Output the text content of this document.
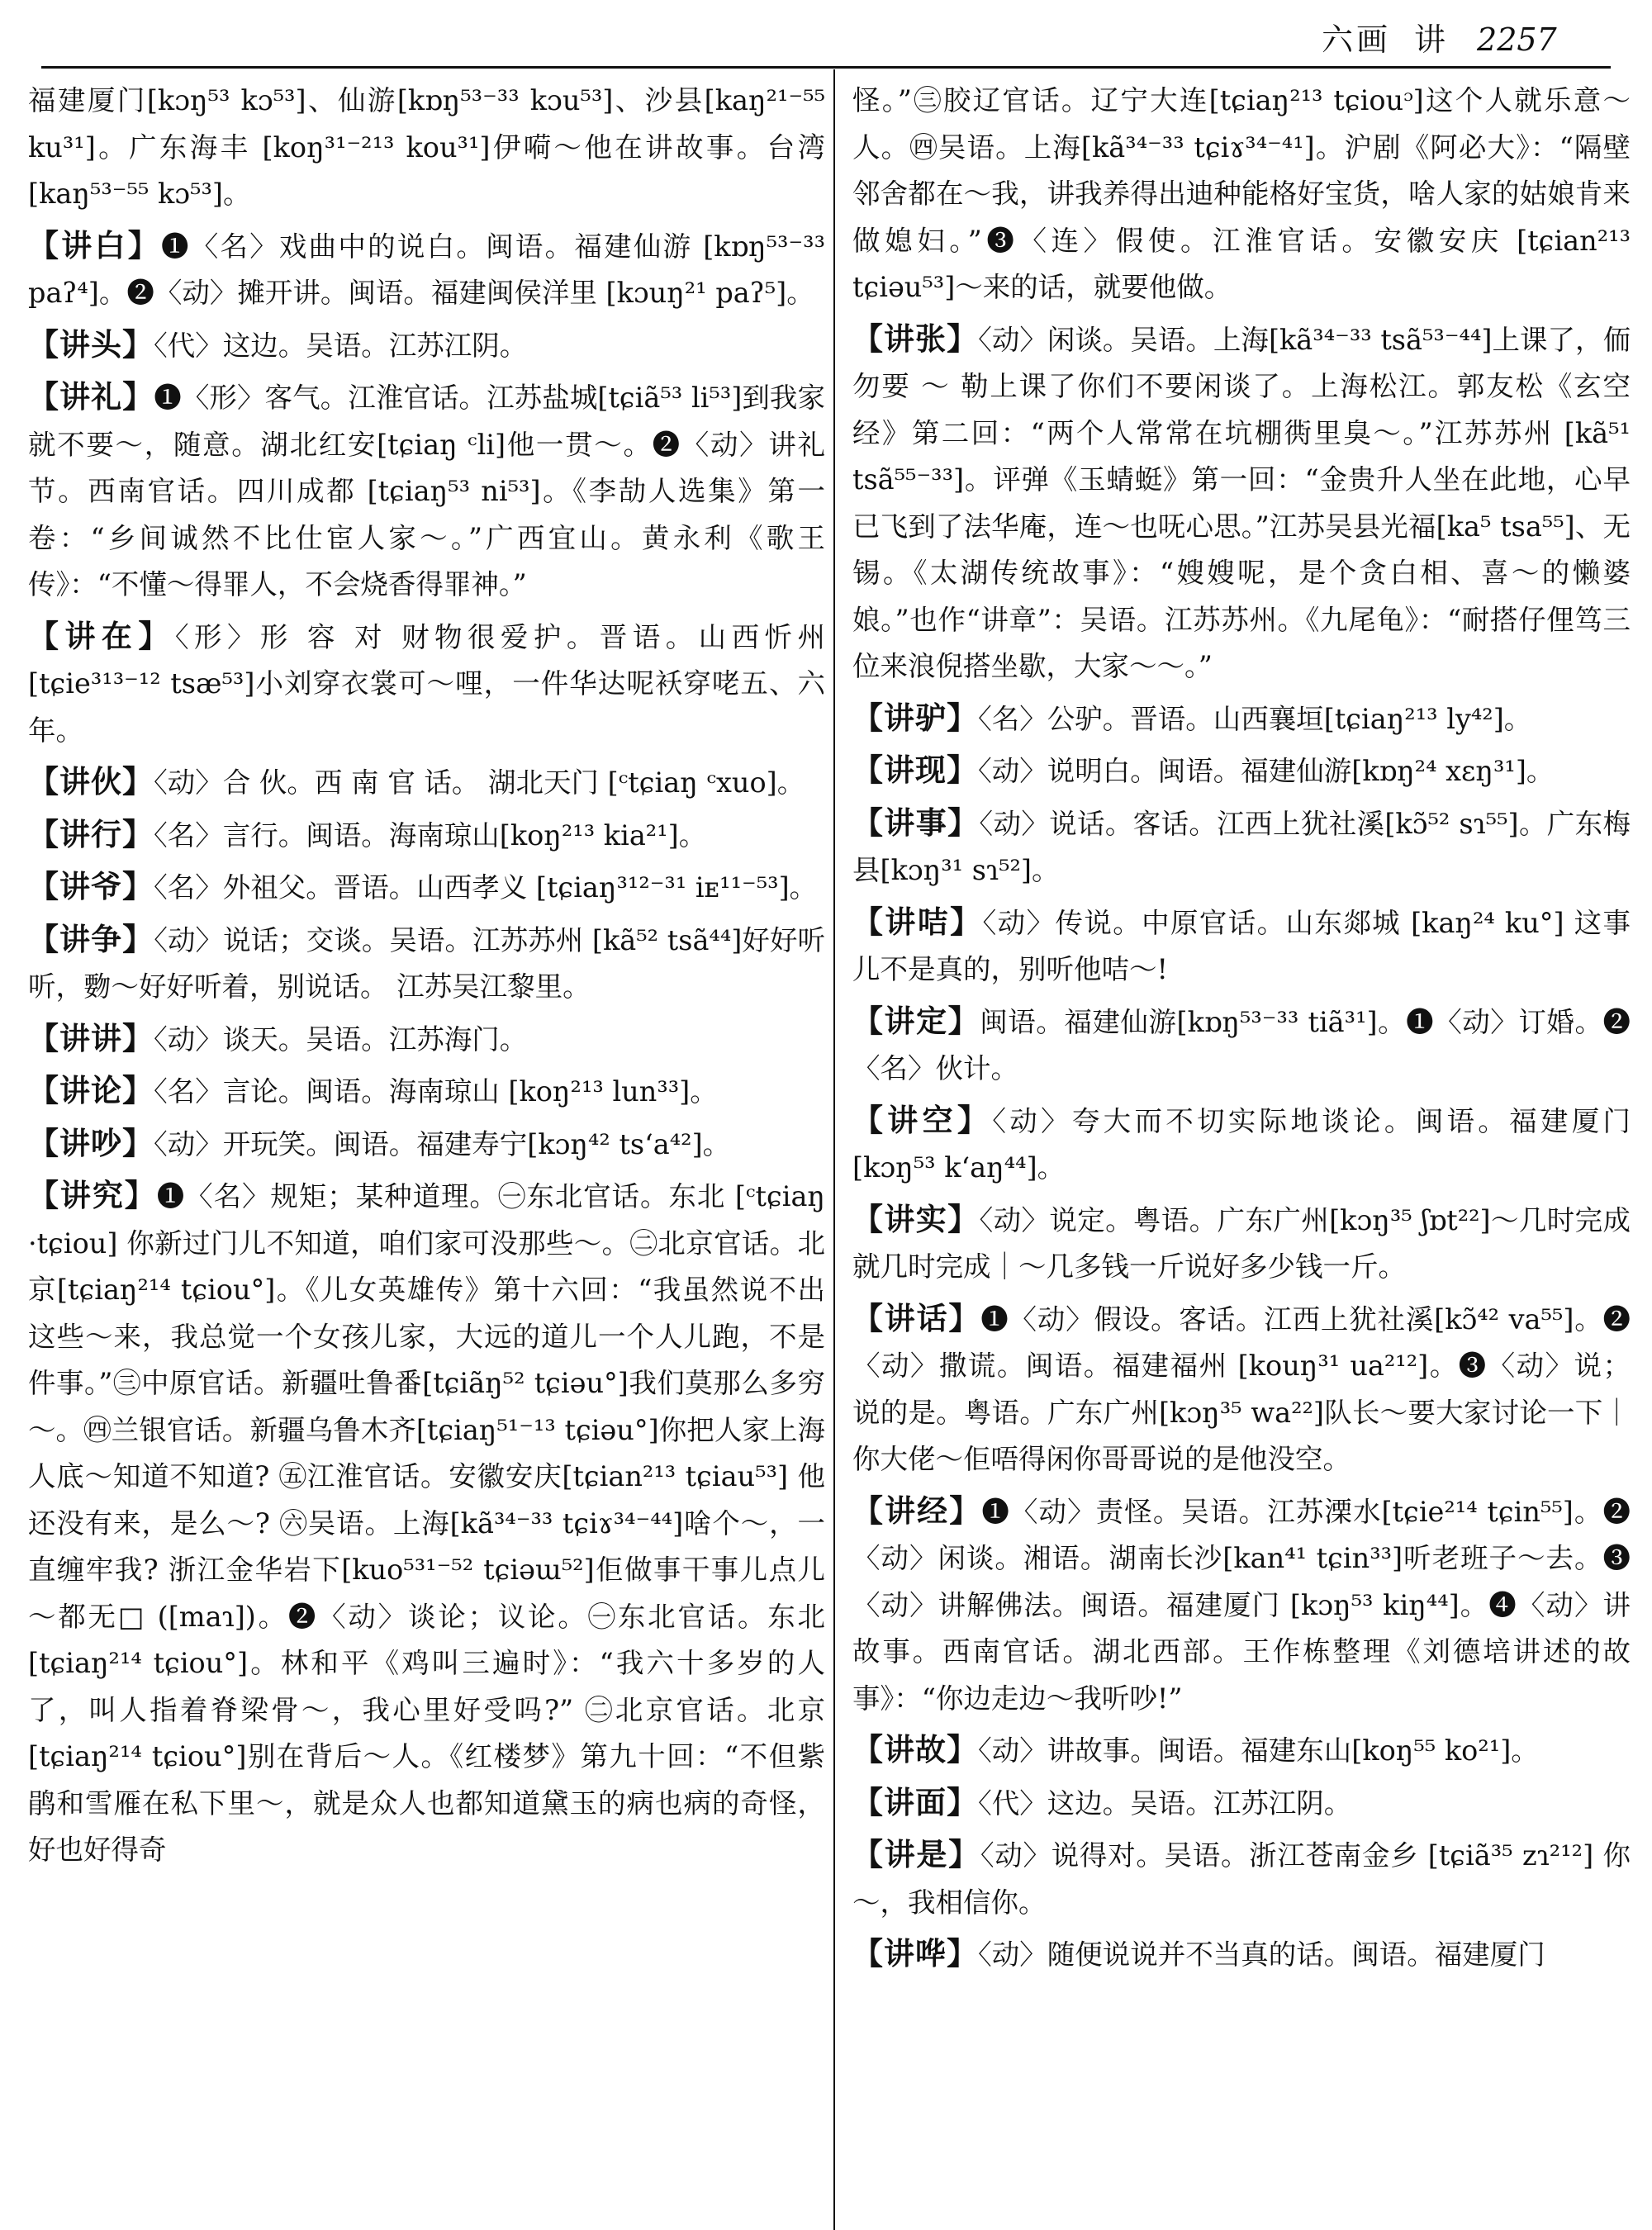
六画 讲 2257

福建厦门[kɔŋ⁵³ kɔ⁵³]、仙游[kɒŋ⁵³⁻³³ kɔu⁵³]、沙县[kaŋ²¹⁻⁵⁵ ku³¹]。广东海丰 [koŋ³¹⁻²¹³ kou³¹]伊嗬～他在讲故事。台湾 [kaŋ⁵³⁻⁵⁵ kɔ⁵³]。

【讲白】❶〈名〉戏曲中的说白。闽语。福建仙游 [kɒŋ⁵³⁻³³ paʔ⁴]。❷〈动〉摊开讲。闽语。福建闽侯洋里 [kɔuŋ²¹ paʔ⁵]。

【讲头】〈代〉这边。吴语。江苏江阴。

【讲礼】❶〈形〉客气。江淮官话。江苏盐城[tɕiã⁵³ li⁵³]到我家就不要～，随意。湖北红安[tɕiaŋ ᶜli]他一贯～。❷〈动〉讲礼节。西南官话。四川成都 [tɕiaŋ⁵³ ni⁵³]。《李劼人选集》第一卷：“乡间诚然不比仕宦人家～。”广西宜山。黄永利《歌王传》：“不懂～得罪人，不会烧香得罪神。”

【讲在】〈形〉形 容 对 财物很爱护。晋语。山西忻州 [tɕie³¹³⁻¹² tsæ⁵³]小刘穿衣裳可～哩，一件华达呢袄穿咾五、六年。

【讲伙】〈动〉合 伙。西 南 官 话。 湖北天门 [ᶜtɕiaŋ ᶜxuo]。

【讲行】〈名〉言行。闽语。海南琼山[koŋ²¹³ kia²¹]。

【讲爷】〈名〉外祖父。晋语。山西孝义 [tɕiaŋ³¹²⁻³¹ iᴇ¹¹⁻⁵³]。

【讲争】〈动〉说话；交谈。吴语。江苏苏州 [kã⁵² tsã⁴⁴]好好听听，覅～好好听着，别说话。 江苏吴江黎里。

【讲讲】〈动〉谈天。吴语。江苏海门。

【讲论】〈名〉言论。闽语。海南琼山 [koŋ²¹³ lun³³]。

【讲吵】〈动〉开玩笑。闽语。福建寿宁[kɔŋ⁴² tsʻa⁴²]。

【讲究】❶〈名〉规矩；某种道理。㊀东北官话。东北 [ᶜtɕiaŋ ·tɕiou] 你新过门儿不知道，咱们家可没那些～。㊁北京官话。北京[tɕiaŋ²¹⁴ tɕiou°]。《儿女英雄传》第十六回：“我虽然说不出这些～来，我总觉一个女孩儿家，大远的道儿一个人儿跑，不是件事。”㊂中原官话。新疆吐鲁番[tɕiãŋ⁵² tɕiəu°]我们莫那么多穷～。㊃兰银官话。新疆乌鲁木齐[tɕiaŋ⁵¹⁻¹³ tɕiəu°]你把人家上海人底～知道不知道? ㊄江淮官话。安徽安庆[tɕian²¹³ tɕiau⁵³] 他还没有来，是么～? ㊅吴语。上海[kã³⁴⁻³³ tɕiɤ³⁴⁻⁴⁴]啥个～，一直缠牢我? 浙江金华岩下[kuo⁵³¹⁻⁵² tɕiəɯ⁵²]佢做事干事儿点儿～都无□ ([maɿ])。❷〈动〉谈论；议论。㊀东北官话。东北[tɕiaŋ²¹⁴ tɕiou°]。林和平《鸡叫三遍时》：“我六十多岁的人了，叫人指着脊梁骨～，我心里好受吗?” ㊁北京官话。北京[tɕiaŋ²¹⁴ tɕiou°]别在背后～人。《红楼梦》第九十回：“不但紫鹃和雪雁在私下里～，就是众人也都知道黛玉的病也病的奇怪，好也好得奇

怪。”㊂胶辽官话。辽宁大连[tɕiaŋ²¹³ tɕiouᵓ]这个人就乐意～人。㊃吴语。上海[kã³⁴⁻³³ tɕiɤ³⁴⁻⁴¹]。沪剧《阿必大》：“隔壁邻舍都在～我，讲我养得出迪种能格好宝货，啥人家的姑娘肯来做媳妇。”❸〈连〉假使。江淮官话。安徽安庆 [tɕian²¹³ tɕiəu⁵³]～来的话，就要他做。

【讲张】〈动〉闲谈。吴语。上海[kã³⁴⁻³³ tsã⁵³⁻⁴⁴]上课了，侕勿要 ～ 勒上课了你们不要闲谈了。上海松江。郭友松《玄空经》第二回：“两个人常常在坑棚衖里臭～。”江苏苏州 [kã⁵¹ tsã⁵⁵⁻³³]。评弹《玉蜻蜓》第一回：“金贵升人坐在此地，心早已飞到了法华庵，连～也呒心思。”江苏吴县光福[ka⁵ tsa⁵⁵]、无锡。《太湖传统故事》：“嫂嫂呢，是个贪白相、喜～的懒婆娘。”也作“讲章”：吴语。江苏苏州。《九尾龟》：“耐搭仔俚笃三位来浪倪搭坐歇，大家～～。”

【讲驴】〈名〉公驴。晋语。山西襄垣[tɕiaŋ²¹³ ly⁴²]。

【讲现】〈动〉说明白。闽语。福建仙游[kɒŋ²⁴ xɛŋ³¹]。

【讲事】〈动〉说话。客话。江西上犹社溪[kɔ̃⁵² sɿ⁵⁵]。广东梅县[kɔŋ³¹ sɿ⁵²]。

【讲咭】〈动〉传说。中原官话。山东郯城 [kaŋ²⁴ ku°] 这事儿不是真的，别听他咭～!

【讲定】闽语。福建仙游[kɒŋ⁵³⁻³³ tiã³¹]。❶〈动〉订婚。❷〈名〉伙计。

【讲空】〈动〉夸大而不切实际地谈论。闽语。福建厦门 [kɔŋ⁵³ kʻaŋ⁴⁴]。

【讲实】〈动〉说定。粤语。广东广州[kɔŋ³⁵ ʃɒt²²]～几时完成就几时完成｜～几多钱一斤说好多少钱一斤。

【讲话】❶〈动〉假设。客话。江西上犹社溪[kɔ̃⁴² va⁵⁵]。❷〈动〉撒谎。闽语。福建福州 [kouŋ³¹ ua²¹²]。❸〈动〉说；说的是。粤语。广东广州[kɔŋ³⁵ wa²²]队长～要大家讨论一下｜你大佬～佢唔得闲你哥哥说的是他没空。

【讲经】❶〈动〉责怪。吴语。江苏溧水[tɕie²¹⁴ tɕin⁵⁵]。❷〈动〉闲谈。湘语。湖南长沙[kan⁴¹ tɕin³³]听老班子～去。❸〈动〉讲解佛法。闽语。福建厦门 [kɔŋ⁵³ kiŋ⁴⁴]。❹〈动〉讲故事。西南官话。湖北西部。王作栋整理《刘德培讲述的故事》：“你边走边～我听吵!”

【讲故】〈动〉讲故事。闽语。福建东山[koŋ⁵⁵ ko²¹]。

【讲面】〈代〉这边。吴语。江苏江阴。

【讲是】〈动〉说得对。吴语。浙江苍南金乡 [tɕiã³⁵ zɿ²¹²] 你～，我相信你。

【讲哗】〈动〉随便说说并不当真的话。闽语。福建厦门
